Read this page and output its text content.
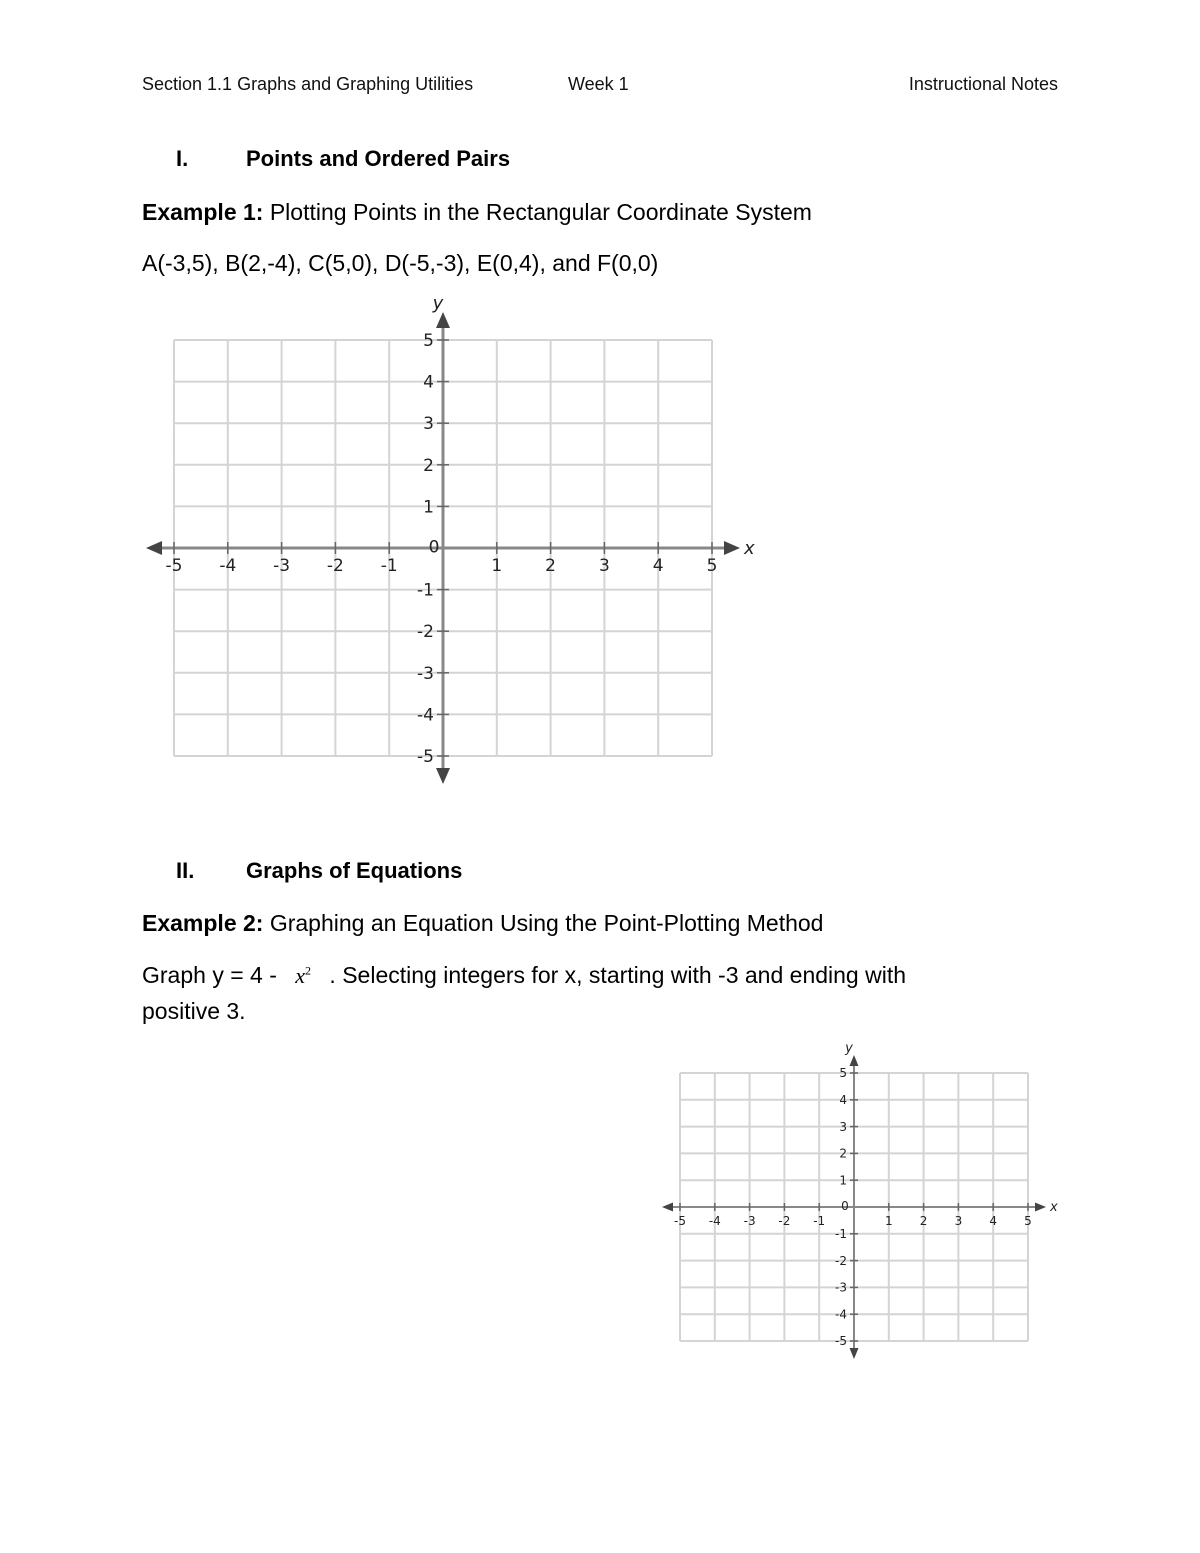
Section 1.1 Graphs and Graphing Utilities	Week 1	Instructional Notes
I.	Points and Ordered Pairs
Example 1: Plotting Points in the Rectangular Coordinate System
A(-3,5), B(2,-4), C(5,0), D(-5,-3), E(0,4), and F(0,0)
II. Graphs of Equations
Example 2: Graphing an Equation Using the Point-Plotting Method
Graph $y = 4 - x^2$ . Selecting integers for x, starting with -3 and ending with
positive 3.
-5 -4 -3 -2 -1	1	2	3	4	5
5
4
3
2
1
-1
-2
-3
-4
-5
0	x
y
-5 -4 -3 -2 -1	1 2 3 4 5
5
4
3
2
1
-1
-2
-3
-4
-5
0	x
y
